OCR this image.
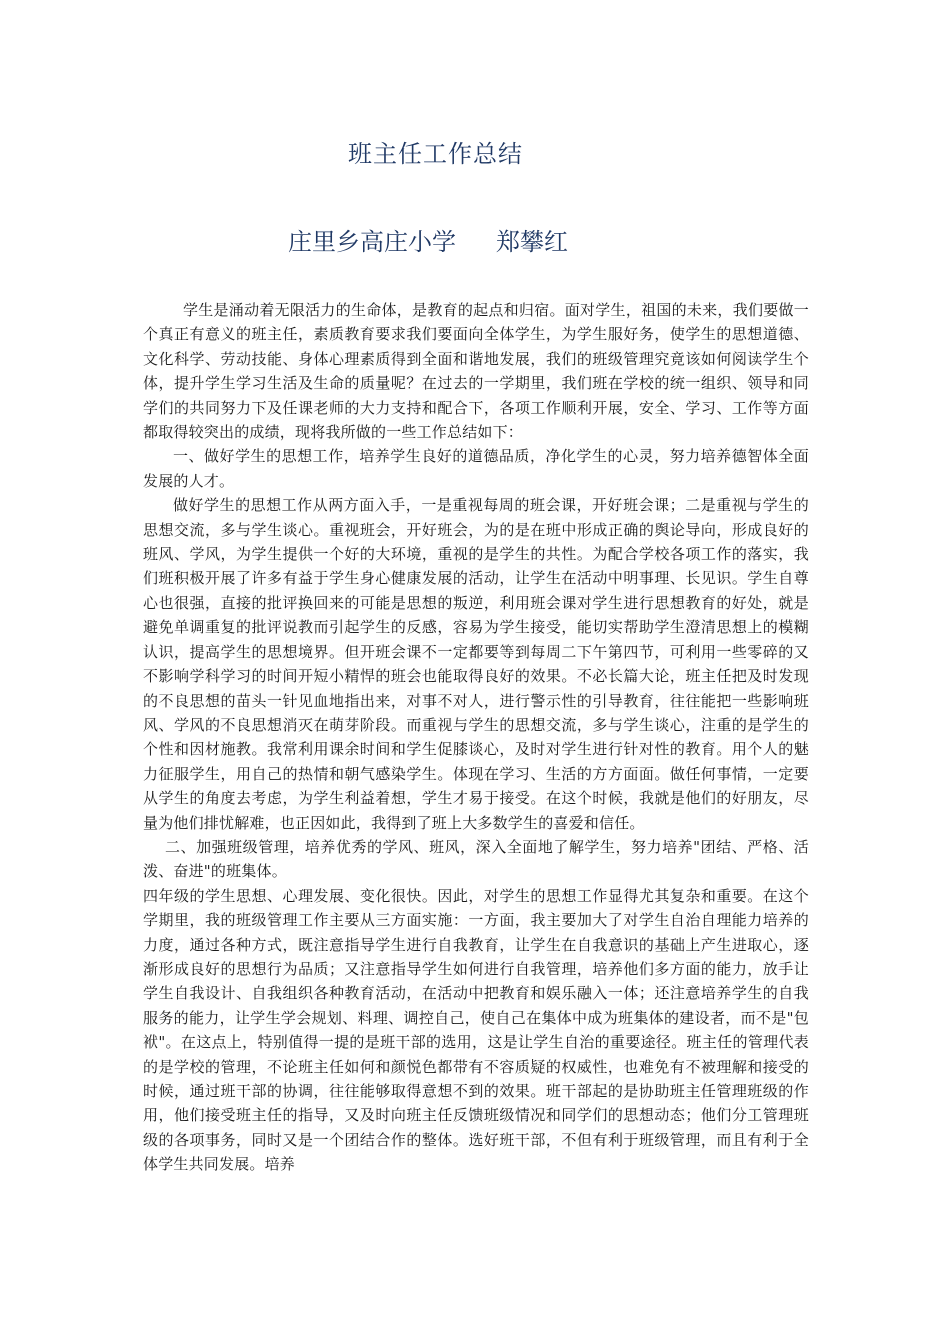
班主任工作总结
庄里乡高庄小学 郑攀红

学生是涌动着无限活力的生命体，是教育的起点和归宿。面对学生，祖国的未来，我们要做一个真正有意义的班主任，素质教育要求我们要面向全体学生，为学生服好务，使学生的思想道德、文化科学、劳动技能、身体心理素质得到全面和谐地发展，我们的班级管理究竟该如何阅读学生个体，提升学生学习生活及生命的质量呢？在过去的一学期里，我们班在学校的统一组织、领导和同学们的共同努力下及任课老师的大力支持和配合下，各项工作顺利开展，安全、学习、工作等方面都取得较突出的成绩，现将我所做的一些工作总结如下：

一、做好学生的思想工作，培养学生良好的道德品质，净化学生的心灵，努力培养德智体全面发展的人才。

做好学生的思想工作从两方面入手，一是重视每周的班会课，开好班会课；二是重视与学生的思想交流，多与学生谈心。重视班会，开好班会，为的是在班中形成正确的舆论导向，形成良好的班风、学风，为学生提供一个好的大环境，重视的是学生的共性。为配合学校各项工作的落实，我们班积极开展了许多有益于学生身心健康发展的活动，让学生在活动中明事理、长见识。学生自尊心也很强，直接的批评换回来的可能是思想的叛逆，利用班会课对学生进行思想教育的好处，就是避免单调重复的批评说教而引起学生的反感，容易为学生接受，能切实帮助学生澄清思想上的模糊认识，提高学生的思想境界。但开班会课不一定都要等到每周二下午第四节，可利用一些零碎的又不影响学科学习的时间开短小精悍的班会也能取得良好的效果。不必长篇大论，班主任把及时发现的不良思想的苗头一针见血地指出来，对事不对人，进行警示性的引导教育，往往能把一些影响班风、学风的不良思想消灭在萌芽阶段。而重视与学生的思想交流，多与学生谈心，注重的是学生的个性和因材施教。我常利用课余时间和学生促膝谈心，及时对学生进行针对性的教育。用个人的魅力征服学生，用自己的热情和朝气感染学生。体现在学习、生活的方方面面。做任何事情，一定要从学生的角度去考虑，为学生利益着想，学生才易于接受。在这个时候，我就是他们的好朋友，尽量为他们排忧解难，也正因如此，我得到了班上大多数学生的喜爱和信任。

二、加强班级管理，培养优秀的学风、班风，深入全面地了解学生，努力培养"团结、严格、活泼、奋进"的班集体。

四年级的学生思想、心理发展、变化很快。因此，对学生的思想工作显得尤其复杂和重要。在这个学期里，我的班级管理工作主要从三方面实施：一方面，我主要加大了对学生自治自理能力培养的力度，通过各种方式，既注意指导学生进行自我教育，让学生在自我意识的基础上产生进取心，逐渐形成良好的思想行为品质；又注意指导学生如何进行自我管理，培养他们多方面的能力，放手让学生自我设计、自我组织各种教育活动，在活动中把教育和娱乐融入一体；还注意培养学生的自我服务的能力，让学生学会规划、料理、调控自己，使自己在集体中成为班集体的建设者，而不是"包袱"。在这点上，特别值得一提的是班干部的选用，这是让学生自治的重要途径。班主任的管理代表的是学校的管理，不论班主任如何和颜悦色都带有不容质疑的权威性，也难免有不被理解和接受的时候，通过班干部的协调，往往能够取得意想不到的效果。班干部起的是协助班主任管理班级的作用，他们接受班主任的指导，又及时向班主任反馈班级情况和同学们的思想动态；他们分工管理班级的各项事务，同时又是一个团结合作的整体。选好班干部，不但有利于班级管理，而且有利于全体学生共同发展。培养
